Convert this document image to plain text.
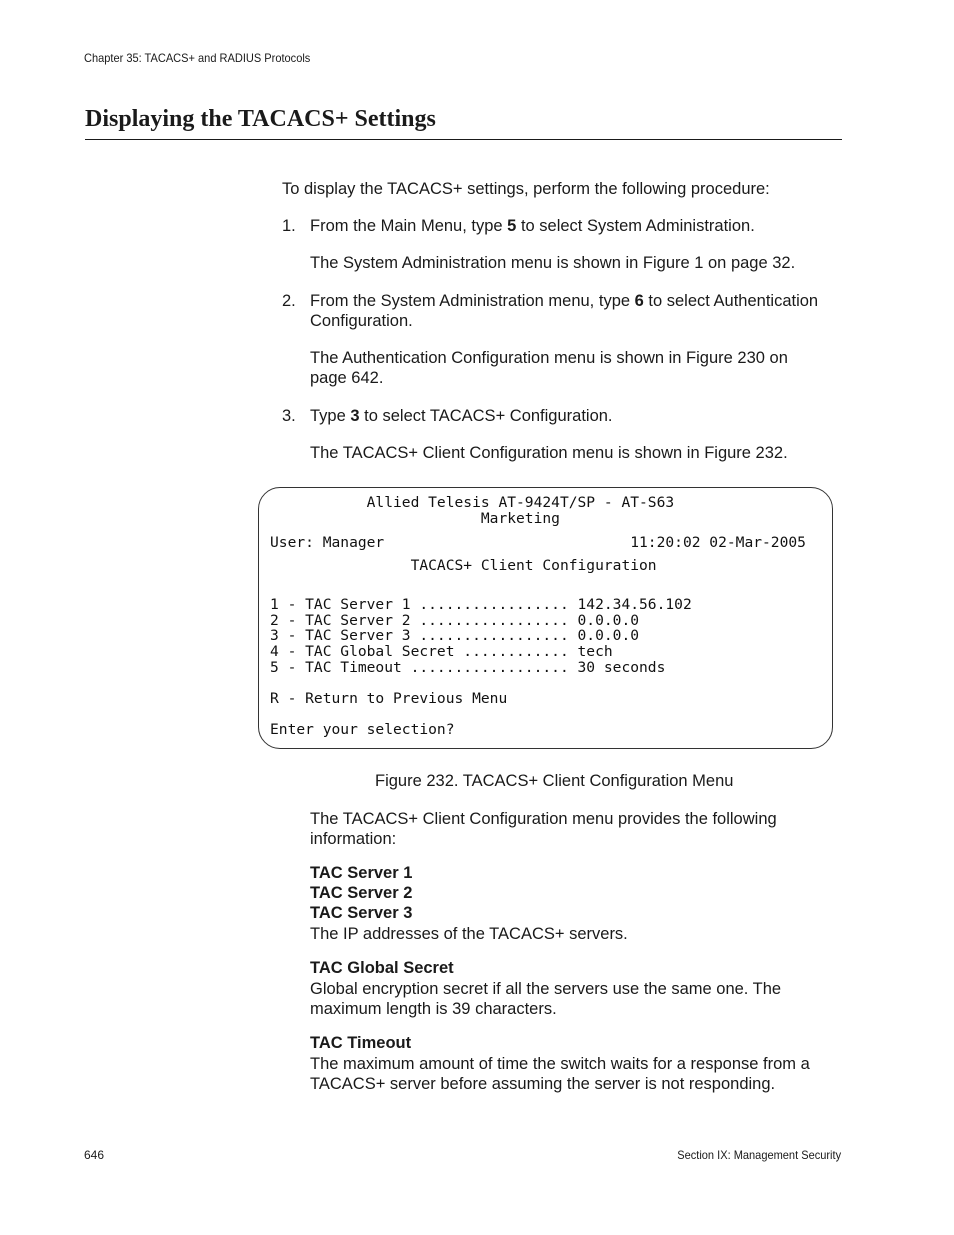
Chapter 35: TACACS+ and RADIUS Protocols
Displaying the TACACS+ Settings

To display the TACACS+ settings, perform the following procedure:

1. From the Main Menu, type 5 to select System Administration.
The System Administration menu is shown in Figure 1 on page 32.
2. From the System Administration menu, type 6 to select Authentication Configuration.
The Authentication Configuration menu is shown in Figure 230 on page 642.
3. Type 3 to select TACACS+ Configuration.
The TACACS+ Client Configuration menu is shown in Figure 232.
Allied Telesis AT-9424T/SP - AT-S63
Marketing
User: Manager                            11:20:02 02-Mar-2005
TACACS+ Client Configuration
1 - TAC Server 1 ................. 142.34.56.102
2 - TAC Server 2 ................. 0.0.0.0
3 - TAC Server 3 ................. 0.0.0.0
4 - TAC Global Secret ............ tech
5 - TAC Timeout .................. 30 seconds
R - Return to Previous Menu
Enter your selection?
Figure 232. TACACS+ Client Configuration Menu
The TACACS+ Client Configuration menu provides the following information:
TAC Server 1
TAC Server 2
TAC Server 3
The IP addresses of the TACACS+ servers.
TAC Global Secret
Global encryption secret if all the servers use the same one. The maximum length is 39 characters.
TAC Timeout
The maximum amount of time the switch waits for a response from a TACACS+ server before assuming the server is not responding.
646	Section IX: Management Security
